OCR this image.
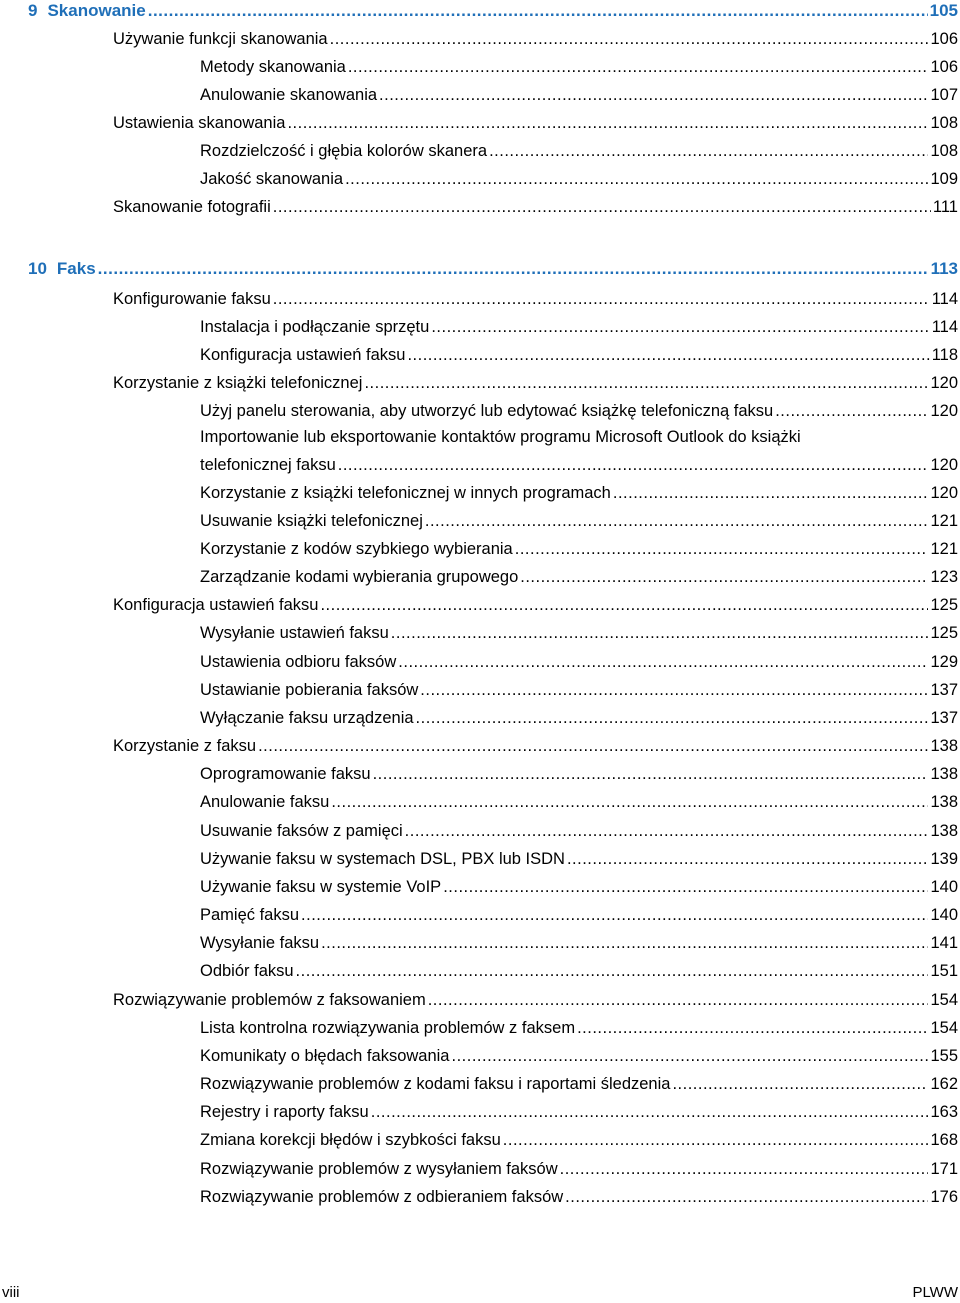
9 Skanowanie .....	105
Używanie funkcji skanowania .....	106
Metody skanowania .....	106
Anulowanie skanowania .....	107
Ustawienia skanowania .....	108
Rozdzielczość i głębia kolorów skanera .....	108
Jakość skanowania .....	109
Skanowanie fotografii .....	111
10 Faks .....	113
Konfigurowanie faksu .....	114
Instalacja i podłączanie sprzętu .....	114
Konfiguracja ustawień faksu .....	118
Korzystanie z książki telefonicznej .....	120
Użyj panelu sterowania, aby utworzyć lub edytować książkę telefoniczną faksu .....	120
Importowanie lub eksportowanie kontaktów programu Microsoft Outlook do książki
telefonicznej faksu .....	120
Korzystanie z książki telefonicznej w innych programach .....	120
Usuwanie książki telefonicznej .....	121
Korzystanie z kodów szybkiego wybierania .....	121
Zarządzanie kodami wybierania grupowego .....	123
Konfiguracja ustawień faksu .....	125
Wysyłanie ustawień faksu .....	125
Ustawienia odbioru faksów .....	129
Ustawianie pobierania faksów .....	137
Wyłączanie faksu urządzenia .....	137
Korzystanie z faksu .....	138
Oprogramowanie faksu .....	138
Anulowanie faksu .....	138
Usuwanie faksów z pamięci .....	138
Używanie faksu w systemach DSL, PBX lub ISDN .....	139
Używanie faksu w systemie VoIP .....	140
Pamięć faksu .....	140
Wysyłanie faksu .....	141
Odbiór faksu .....	151
Rozwiązywanie problemów z faksowaniem .....	154
Lista kontrolna rozwiązywania problemów z faksem .....	154
Komunikaty o błędach faksowania .....	155
Rozwiązywanie problemów z kodami faksu i raportami śledzenia .....	162
Rejestry i raporty faksu .....	163
Zmiana korekcji błędów i szybkości faksu .....	168
Rozwiązywanie problemów z wysyłaniem faksów .....	171
Rozwiązywanie problemów z odbieraniem faksów .....	176
viii	PLWW
